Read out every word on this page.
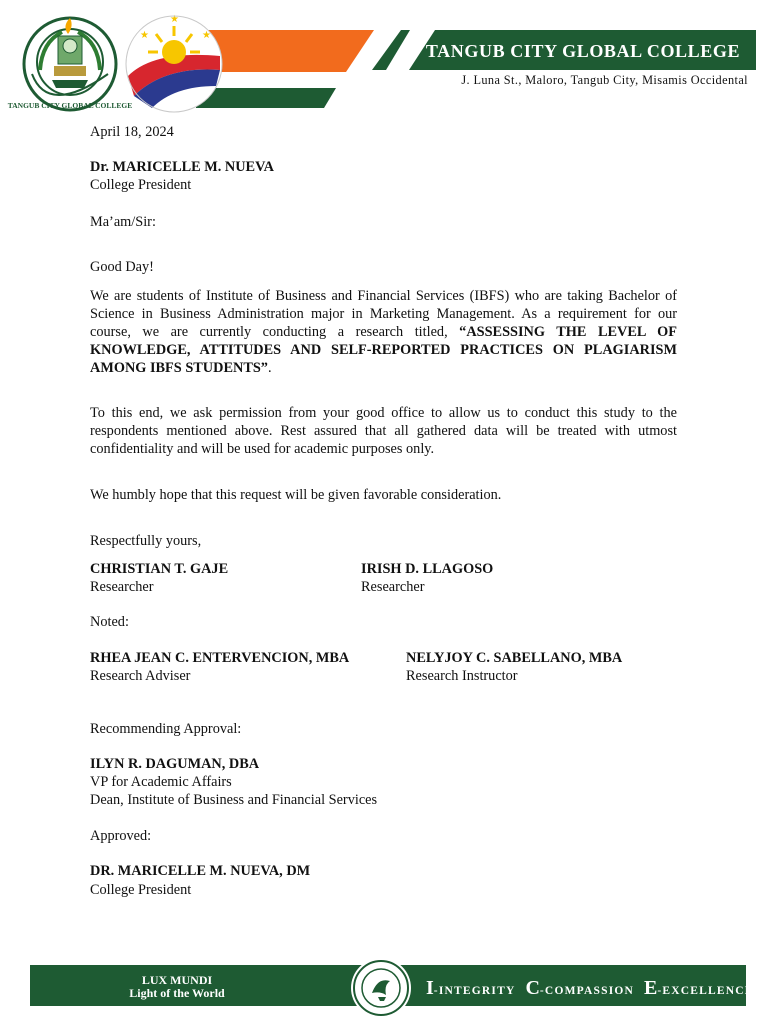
TANGUB CITY GLOBAL COLLEGE
★	★
★
TANGUB CITY GLOBAL COLLEGE
J. Luna St., Maloro, Tangub City, Misamis Occidental
April 18, 2024
Dr. MARICELLE M. NUEVA
College President
Ma’am/Sir:
Good Day!
We are students of Institute of Business and Financial Services (IBFS) who are taking Bachelor of Science in Business Administration major in Marketing Management. As a requirement for our course, we are currently conducting a research titled, “ASSESSING THE LEVEL OF KNOWLEDGE, ATTITUDES AND SELF-REPORTED PRACTICES ON PLAGIARISM AMONG IBFS STUDENTS”.
To this end, we ask permission from your good office to allow us to conduct this study to the respondents mentioned above. Rest assured that all gathered data will be treated with utmost confidentiality and will be used for academic purposes only.
We humbly hope that this request will be given favorable consideration.
Respectfully yours,
CHRISTIAN T. GAJE
Researcher
IRISH D. LLAGOSO
Researcher
Noted:
RHEA JEAN C. ENTERVENCION, MBA
Research Adviser
NELYJOY C. SABELLANO, MBA
Research Instructor
Recommending Approval:
ILYN R. DAGUMAN, DBA
VP for Academic Affairs
Dean, Institute of Business and Financial Services
Approved:
DR. MARICELLE M. NUEVA, DM
College President
LUX MUNDI
Light of the World	I-INTEGRITY C-COMPASSION E-EXCELLENCE
